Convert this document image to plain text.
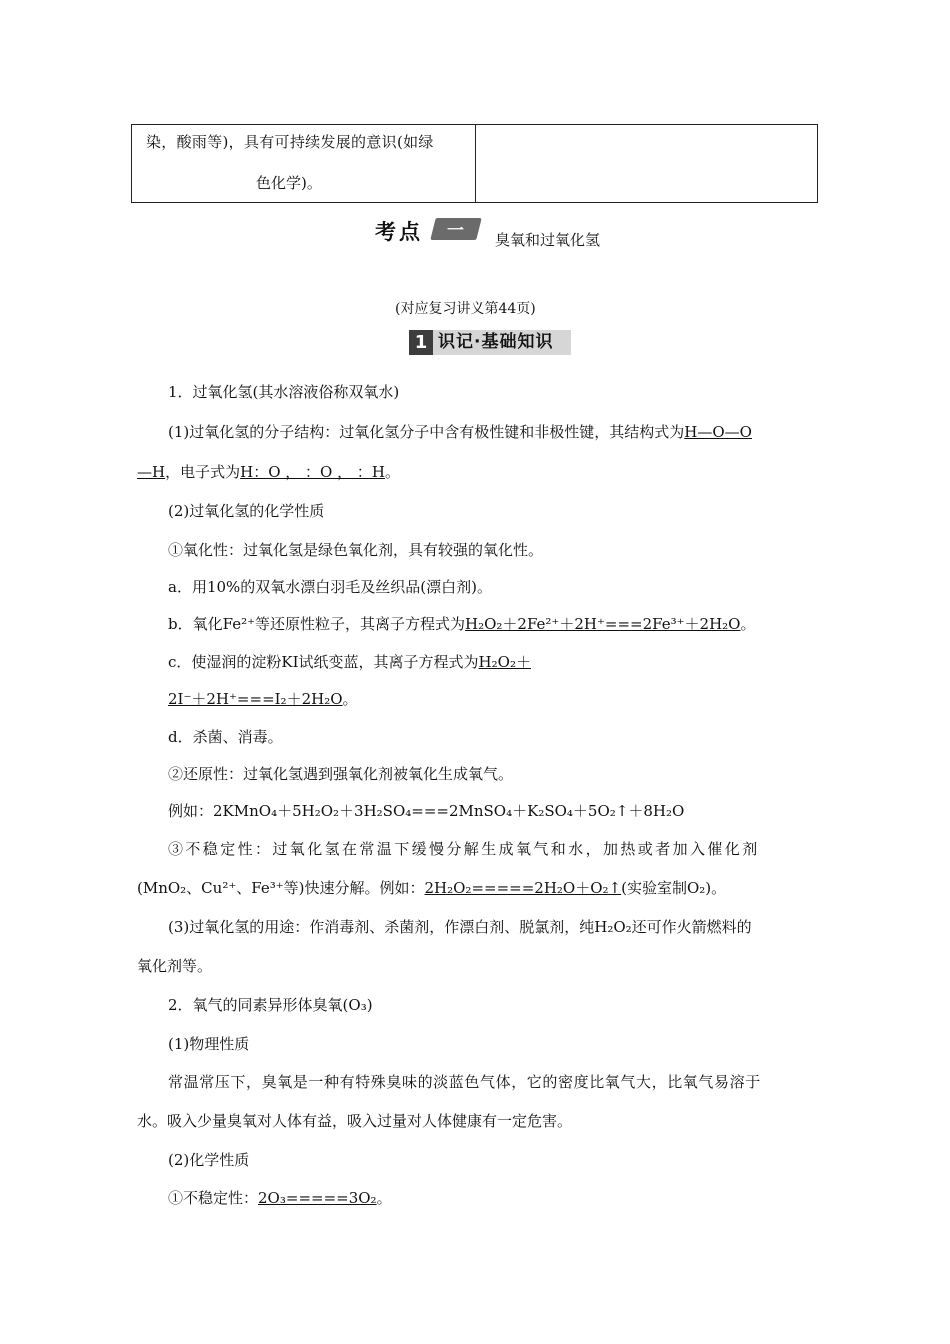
染，酸雨等)，具有可持续发展的意识(如绿
色化学)。
考点 一 臭氧和过氧化氢
(对应复习讲义第44页)
1 识记·基础知识
1．过氧化氢(其水溶液俗称双氧水)
(1)过氧化氢的分子结构：过氧化氢分子中含有极性键和非极性键，其结构式为H—O—O
—H，电子式为H：O ， ：O ， ：H。
(2)过氧化氢的化学性质
①氧化性：过氧化氢是绿色氧化剂，具有较强的氧化性。
a．用10%的双氧水漂白羽毛及丝织品(漂白剂)。
b．氧化Fe²⁺等还原性粒子，其离子方程式为H₂O₂＋2Fe²⁺＋2H⁺===2Fe³⁺＋2H₂O。
c．使湿润的淀粉KI试纸变蓝，其离子方程式为H₂O₂＋
2I⁻＋2H⁺===I₂＋2H₂O。
d．杀菌、消毒。
②还原性：过氧化氢遇到强氧化剂被氧化生成氧气。
例如：2KMnO₄＋5H₂O₂＋3H₂SO₄===2MnSO₄＋K₂SO₄＋5O₂↑＋8H₂O
③不稳定性：过氧化氢在常温下缓慢分解生成氧气和水，加热或者加入催化剂
(MnO₂、Cu²⁺、Fe³⁺等)快速分解。例如：2H₂O₂=====2H₂O＋O₂↑(实验室制O₂)。
(3)过氧化氢的用途：作消毒剂、杀菌剂，作漂白剂、脱氯剂，纯H₂O₂还可作火箭燃料的
氧化剂等。
2．氧气的同素异形体臭氧(O₃)
(1)物理性质
常温常压下，臭氧是一种有特殊臭味的淡蓝色气体，它的密度比氧气大，比氧气易溶于
水。吸入少量臭氧对人体有益，吸入过量对人体健康有一定危害。
(2)化学性质
①不稳定性：2O₃=====3O₂。
